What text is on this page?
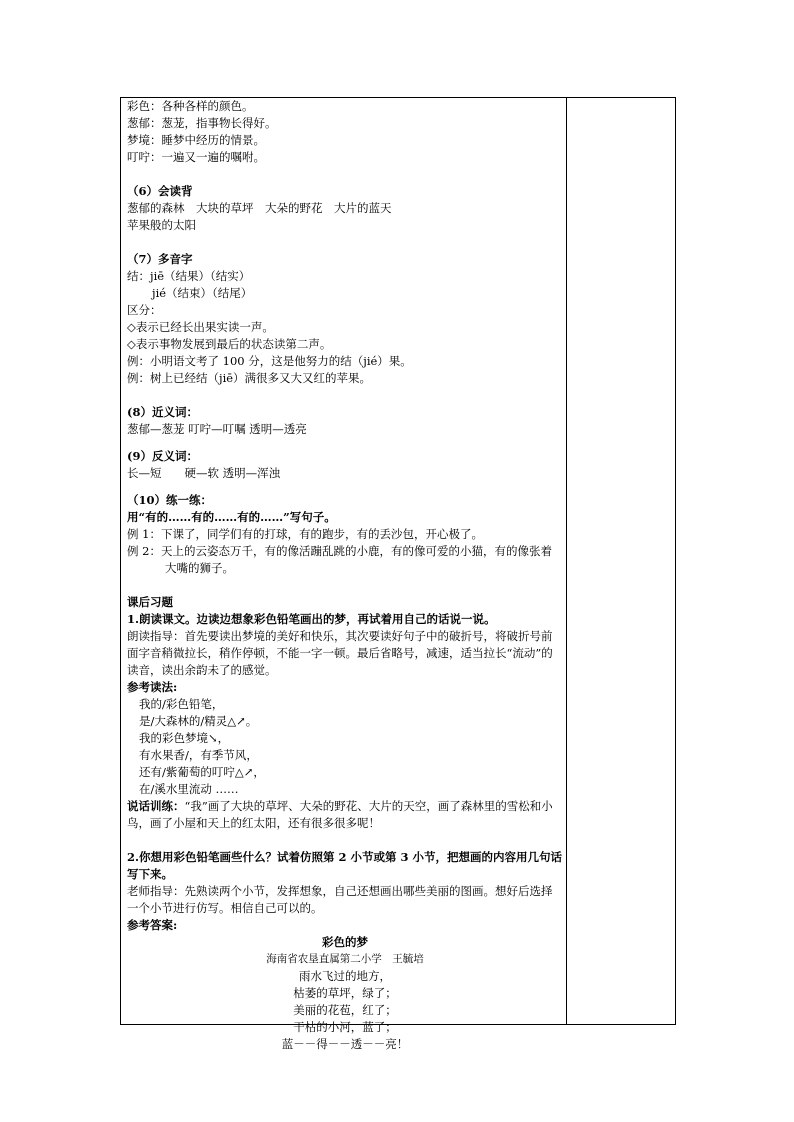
彩色：各种各样的颜色。

葱郁：葱茏，指事物长得好。

梦境：睡梦中经历的情景。

叮咛：一遍又一遍的嘱咐。

（6）会读背

葱郁的森林　大块的草坪　大朵的野花　大片的蓝天

苹果般的太阳

（7）多音字

结：jiē（结果）（结实）

jié（结束）（结尾）

区分：

◇表示已经长出果实读一声。

◇表示事物发展到最后的状态读第二声。

例：小明语文考了 100 分，这是他努力的结（jié）果。

例：树上已经结（jiē）满很多又大又红的苹果。

(8）近义词：

葱郁—葱茏 叮咛—叮嘱 透明—透亮

(9）反义词：

长—短　　硬—软 透明—浑浊

（10）练一练：

用“有的……有的……有的……”写句子。

例 1：下课了，同学们有的打球，有的跑步，有的丢沙包，开心极了。

例 2：天上的云姿态万千，有的像活蹦乱跳的小鹿，有的像可爱的小猫，有的像张着大嘴的狮子。

课后习题

1.朗读课文。边读边想象彩色铅笔画出的梦，再试着用自己的话说一说。

朗读指导：首先要读出梦境的美好和快乐，其次要读好句子中的破折号，将破折号前面字音稍微拉长，稍作停顿，不能一字一顿。最后省略号，减速，适当拉长“流动”的读音，读出余韵未了的感觉。

参考读法:

我的/彩色铅笔，

是/大森林的/精灵△↗。

我的彩色梦境↘，

有水果香/，有季节风，

还有/紫葡萄的叮咛△↗，

在/溪水里流动 ……

说话训练：“我”画了大块的草坪、大朵的野花、大片的天空，画了森林里的雪松和小鸟，画了小屋和天上的红太阳，还有很多很多呢！

2.你想用彩色铅笔画些什么？试着仿照第 2 小节或第 3 小节，把想画的内容用几句话写下来。

老师指导：先熟读两个小节，发挥想象，自己还想画出哪些美丽的图画。想好后选择一个小节进行仿写。相信自己可以的。

参考答案:

彩色的梦

海南省农垦直属第二小学　王毓培

雨水飞过的地方，

枯萎的草坪，绿了；

美丽的花苞，红了；

干枯的小河，蓝了；

蓝－－得－－透－－亮！
